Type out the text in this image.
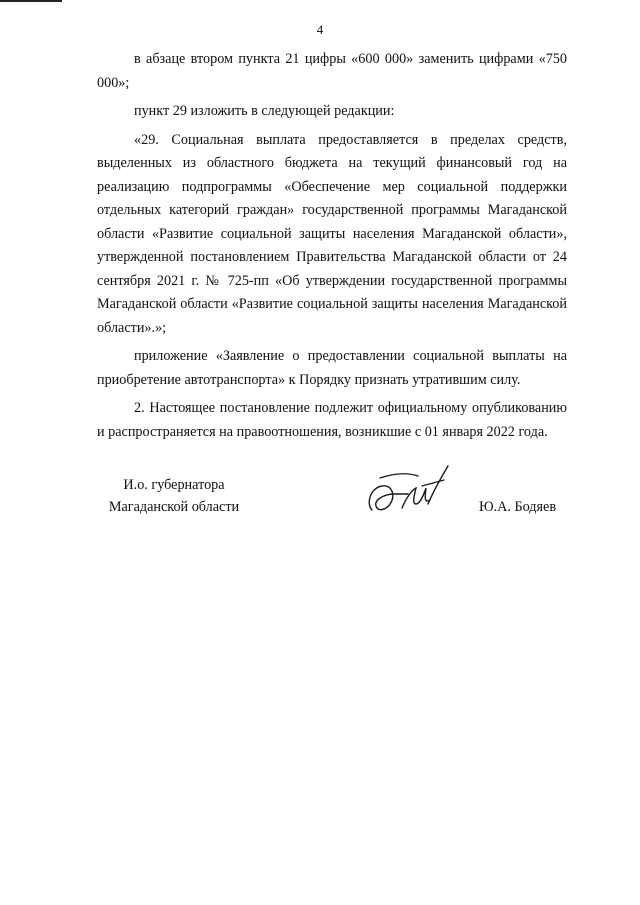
4

в абзаце втором пункта 21 цифры «600 000» заменить цифрами «750 000»;

пункт 29 изложить в следующей редакции:

«29. Социальная выплата предоставляется в пределах средств, выделенных из областного бюджета на текущий финансовый год на реализацию подпрограммы «Обеспечение мер социальной поддержки отдельных категорий граждан» государственной программы Магаданской области «Развитие социальной защиты населения Магаданской области», утвержденной постановлением Правительства Магаданской области от 24 сентября 2021 г. № 725-пп «Об утверждении государственной программы Магаданской области «Развитие социальной защиты населения Магаданской области».»;

приложение «Заявление о предоставлении социальной выплаты на приобретение автотранспорта» к Порядку признать утратившим силу.

2. Настоящее постановление подлежит официальному опубликованию и распространяется на правоотношения, возникшие с 01 января 2022 года.

И.о. губернатора
Магаданской области	Ю.А. Бодяев
